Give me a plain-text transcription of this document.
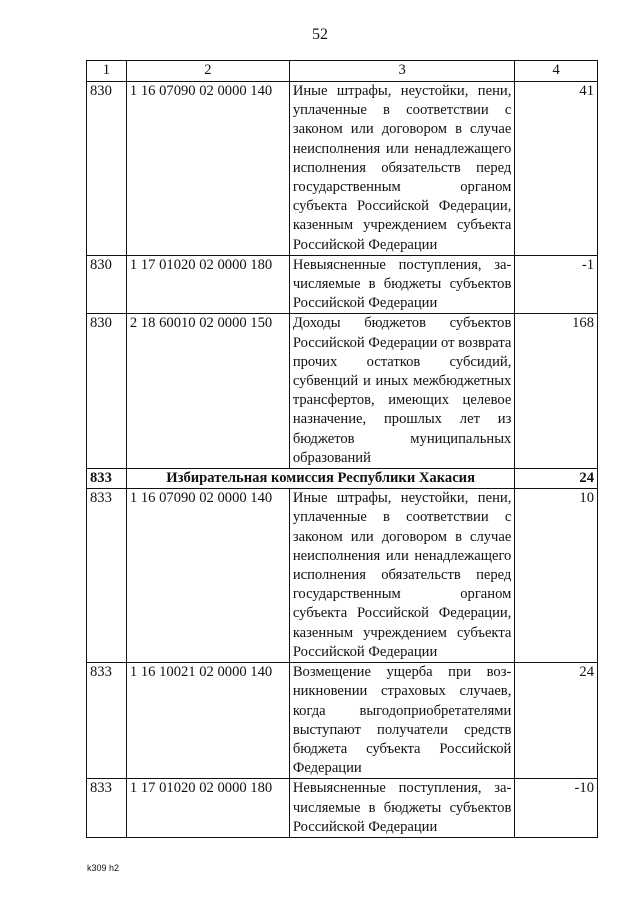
52
1	2	3	4
830	1 16 07090 02 0000 140	Иные штрафы, неустойки, пени, уплаченные в соответствии с законом или договором в случае неисполнения или ненадлежащего исполнения обязательств перед государственным органом субъекта Российской Федерации, казенным учреждением субъекта Российской Федерации	41
830	1 17 01020 02 0000 180	Невыясненные поступления, зачисляемые в бюджеты субъектов Российской Федерации	-1
830	2 18 60010 02 0000 150	Доходы бюджетов субъектов Российской Федерации от возврата прочих остатков субсидий, субвенций и иных межбюджетных трансфертов, имеющих целевое назначение, прошлых лет из бюджетов муниципальных образований	168
833	Избирательная комиссия Республики Хакасия		24
833	1 16 07090 02 0000 140	Иные штрафы, неустойки, пени, уплаченные в соответствии с законом или договором в случае неисполнения или ненадлежащего исполнения обязательств перед государственным органом субъекта Российской Федерации, казенным учреждением субъекта Российской Федерации	10
833	1 16 10021 02 0000 140	Возмещение ущерба при возникновении страховых случаев, когда выгодоприобретателями выступают получатели средств бюджета субъекта Российской Федерации	24
833	1 17 01020 02 0000 180	Невыясненные поступления, зачисляемые в бюджеты субъектов Российской Федерации	-10
k309 h2
